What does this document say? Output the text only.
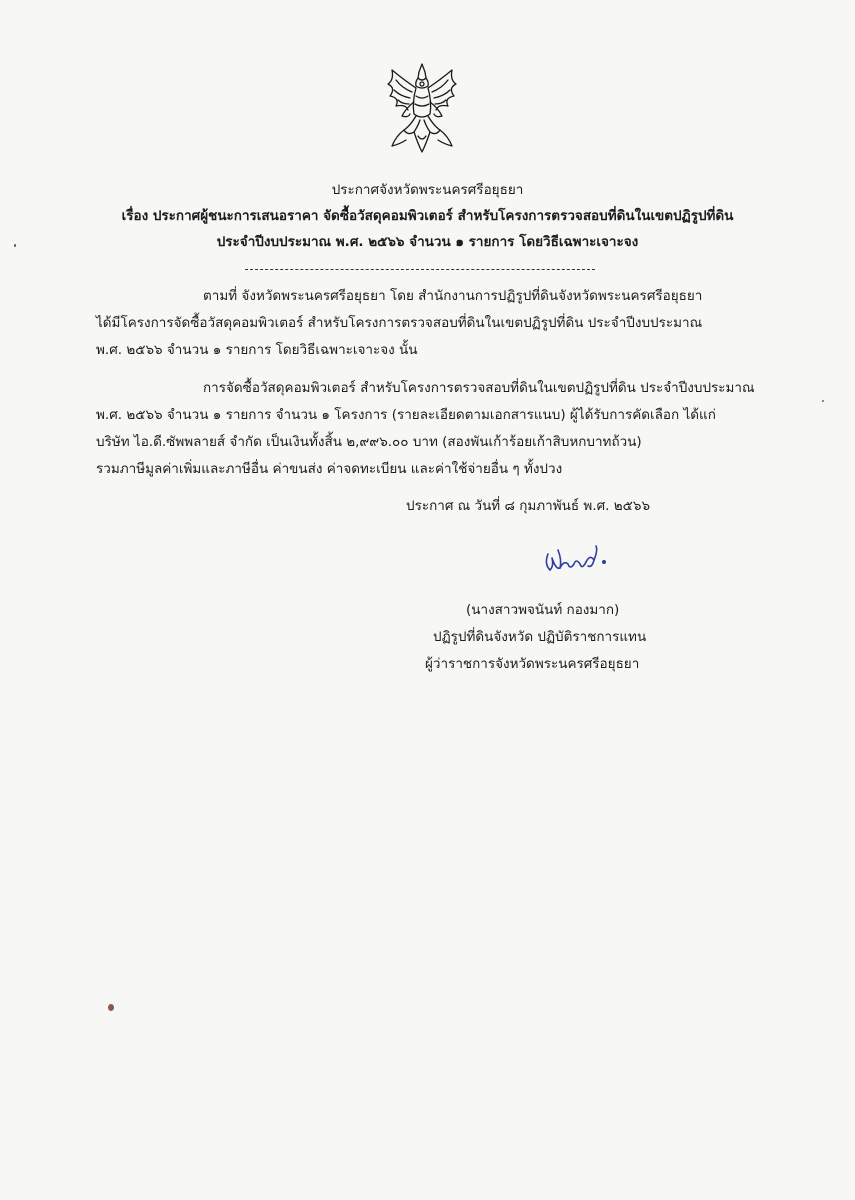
ประกาศจังหวัดพระนครศรีอยุธยา
เรื่อง ประกาศผู้ชนะการเสนอราคา จัดซื้อวัสดุคอมพิวเตอร์ สำหรับโครงการตรวจสอบที่ดินในเขตปฏิรูปที่ดิน
ประจำปีงบประมาณ พ.ศ. ๒๕๖๖ จำนวน ๑ รายการ โดยวิธีเฉพาะเจาะจง
ตามที่ จังหวัดพระนครศรีอยุธยา โดย สำนักงานการปฏิรูปที่ดินจังหวัดพระนครศรีอยุธยา
ได้มีโครงการจัดซื้อวัสดุคอมพิวเตอร์ สำหรับโครงการตรวจสอบที่ดินในเขตปฏิรูปที่ดิน ประจำปีงบประมาณ
พ.ศ. ๒๕๖๖ จำนวน ๑ รายการ โดยวิธีเฉพาะเจาะจง นั้น
การจัดซื้อวัสดุคอมพิวเตอร์ สำหรับโครงการตรวจสอบที่ดินในเขตปฏิรูปที่ดิน ประจำปีงบประมาณ
พ.ศ. ๒๕๖๖ จำนวน ๑ รายการ จำนวน ๑ โครงการ (รายละเอียดตามเอกสารแนบ) ผู้ได้รับการคัดเลือก ได้แก่
บริษัท ไอ.ดี.ซัพพลายส์ จำกัด เป็นเงินทั้งสิ้น ๒,๙๙๖.๐๐ บาท (สองพันเก้าร้อยเก้าสิบหกบาทถ้วน)
รวมภาษีมูลค่าเพิ่มและภาษีอื่น ค่าขนส่ง ค่าจดทะเบียน และค่าใช้จ่ายอื่น ๆ ทั้งปวง
ประกาศ ณ วันที่ ๘ กุมภาพันธ์ พ.ศ. ๒๕๖๖
(นางสาวพจนันท์ กองมาก)
ปฏิรูปที่ดินจังหวัด ปฏิบัติราชการแทน
ผู้ว่าราชการจังหวัดพระนครศรีอยุธยา
